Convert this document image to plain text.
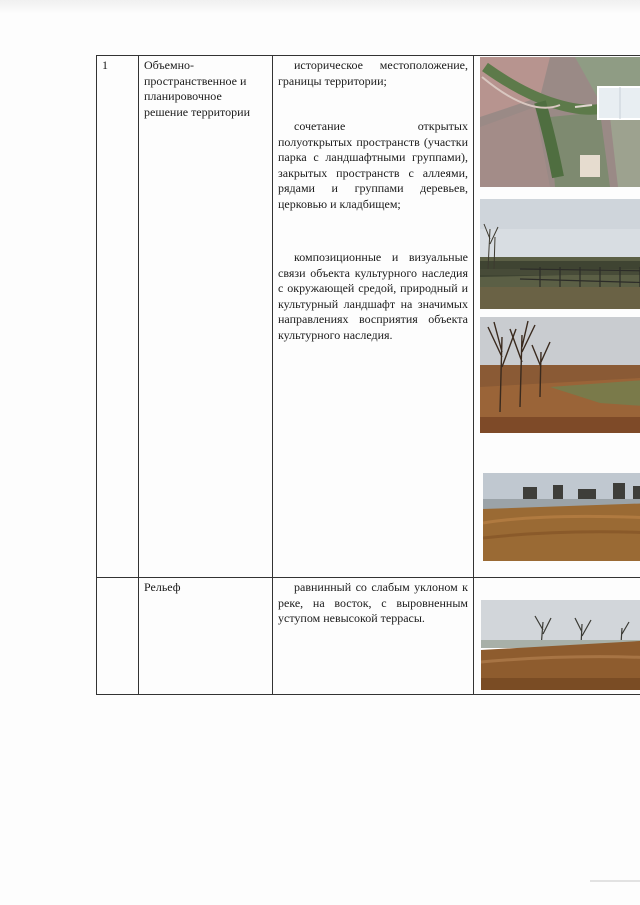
1	Объемно-пространственное и планировочное решение территории	историческое местоположение, границы территории;

сочетание открытых полуоткрытых пространств (участки парка с ландшафтными группами), закрытых пространств с аллеями, рядами и группами деревьев, церковью и кладбищем;

композиционные и визуальные связи объекта культурного наследия с окружающей средой, природный и культурный ландшафт на значимых направлениях восприятия объекта культурного наследия.

	Рельеф	равнинный со слабым уклоном к реке, на восток, с выровненным уступом невысокой террасы.
